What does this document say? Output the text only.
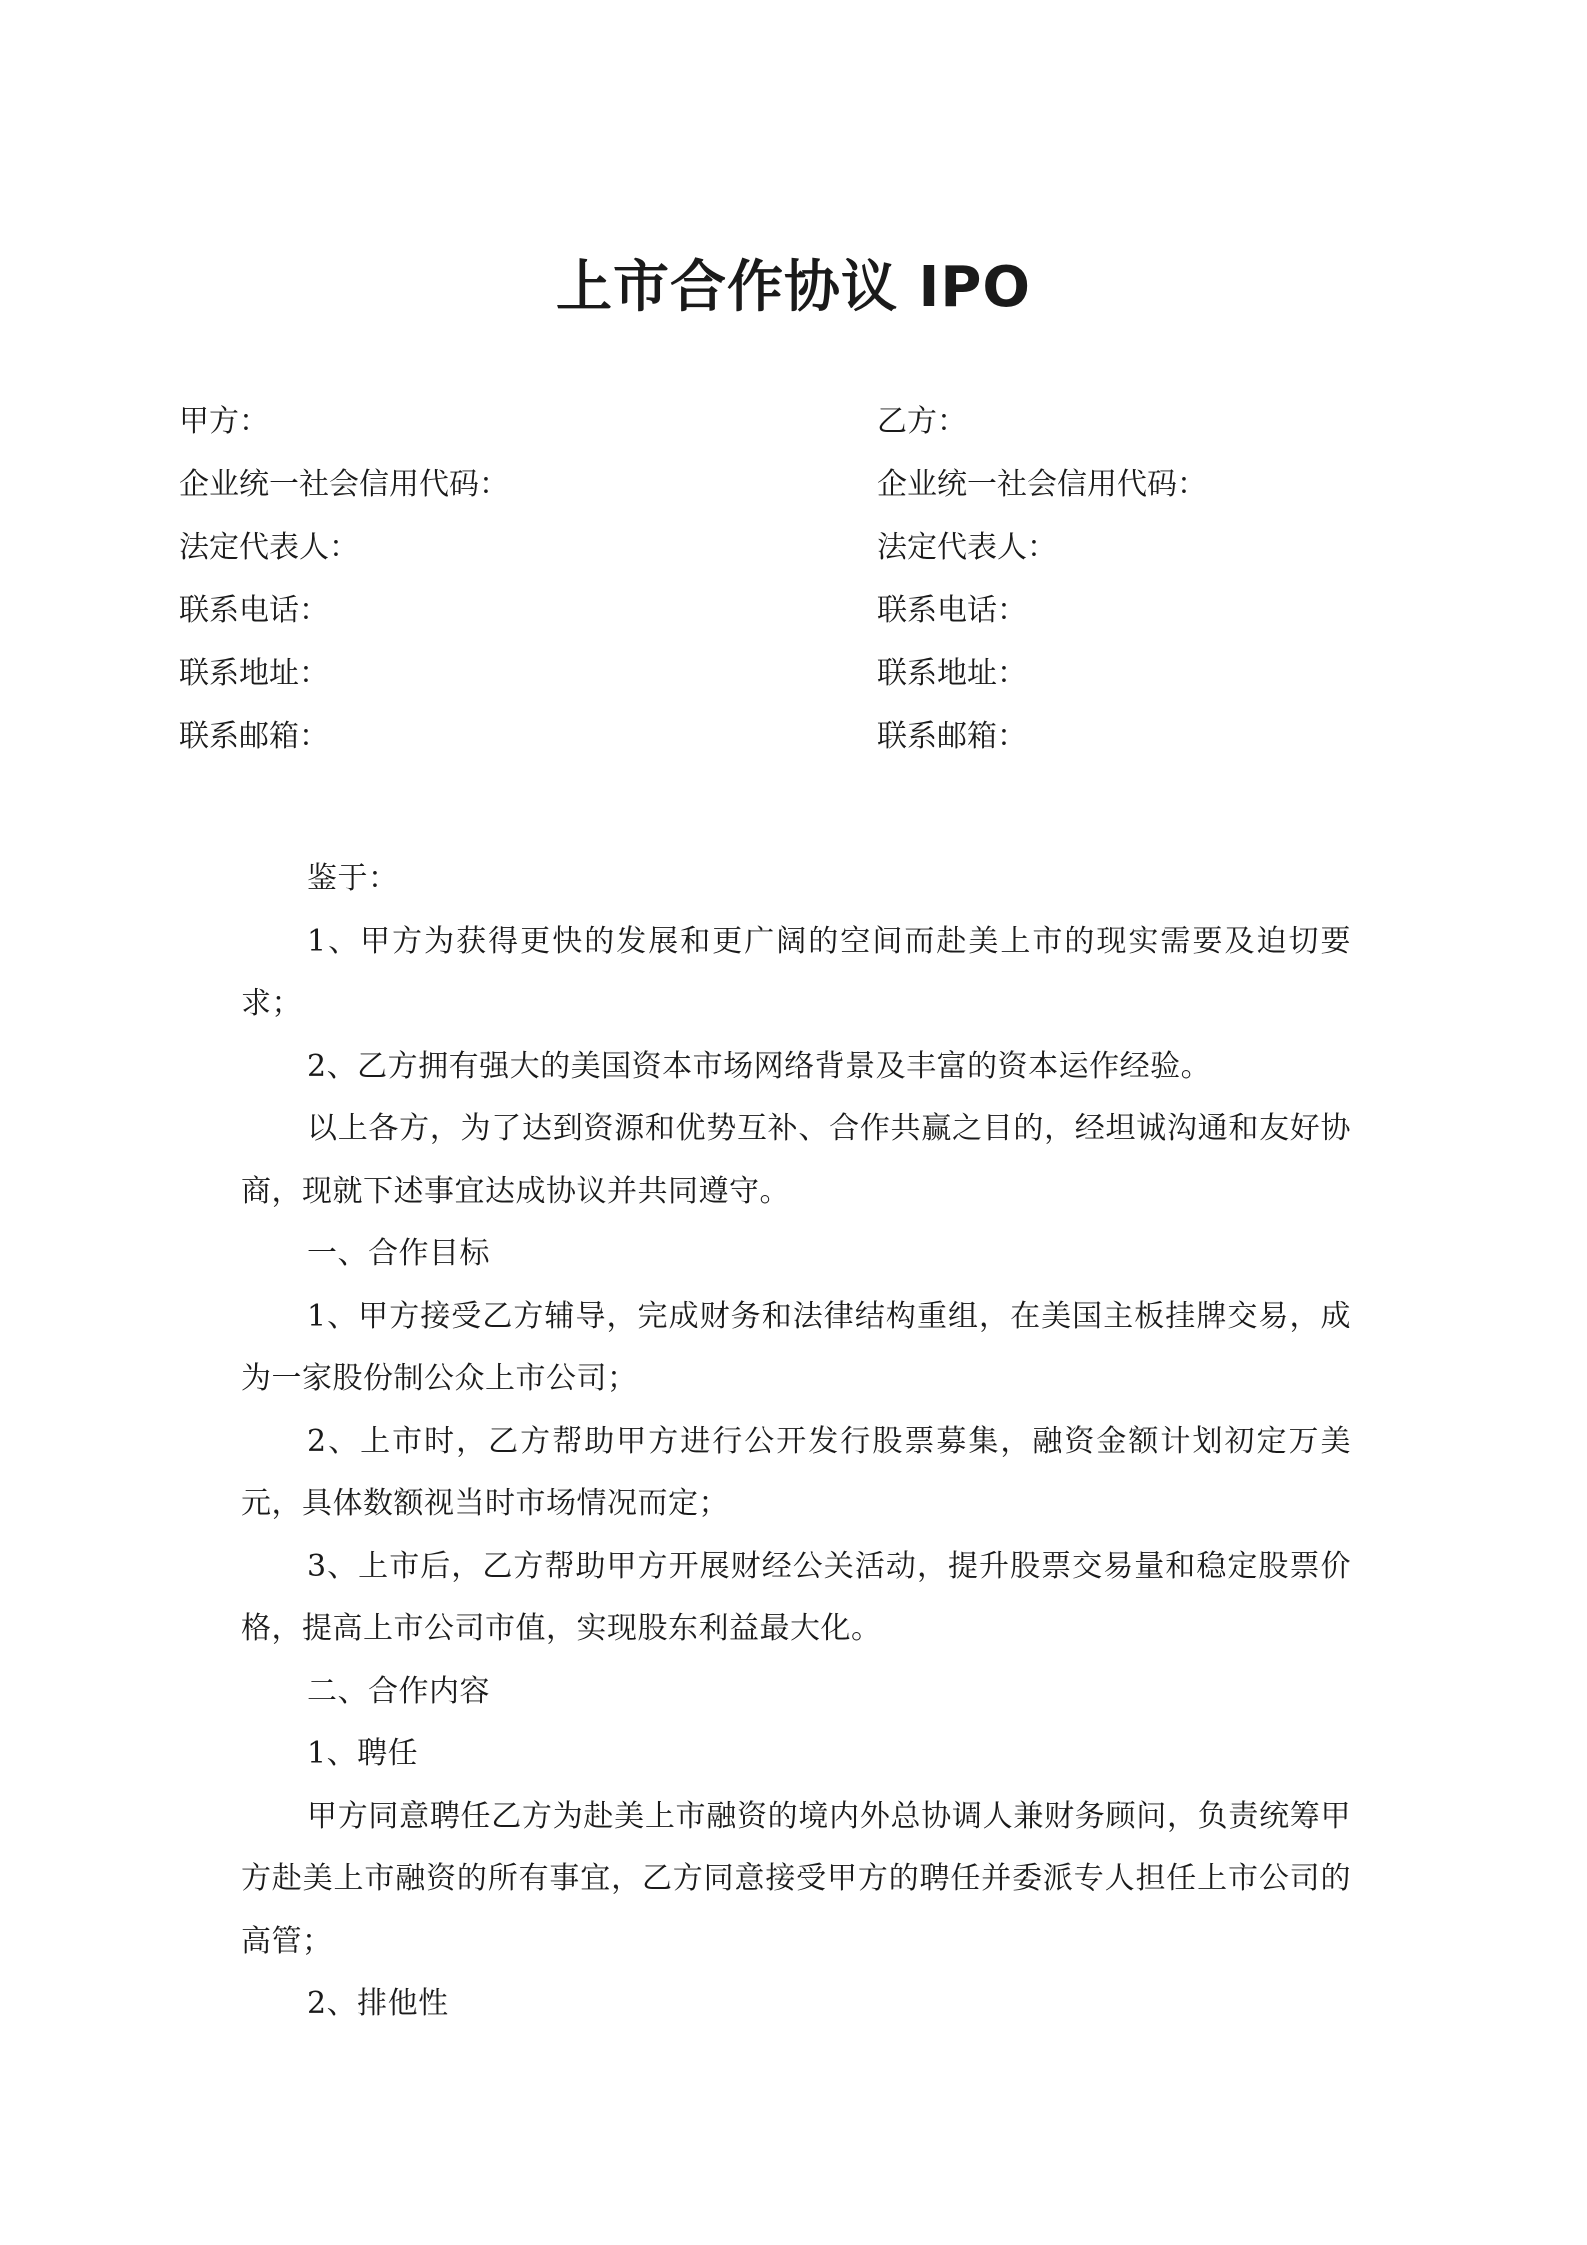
上市合作协议 IPO
甲方：
企业统一社会信用代码：
法定代表人：
联系电话：
联系地址：
联系邮箱：
乙方：
企业统一社会信用代码：
法定代表人：
联系电话：
联系地址：
联系邮箱：

鉴于：

1、甲方为获得更快的发展和更广阔的空间而赴美上市的现实需要及迫切要求；

2、乙方拥有强大的美国资本市场网络背景及丰富的资本运作经验。

以上各方，为了达到资源和优势互补、合作共赢之目的，经坦诚沟通和友好协商，现就下述事宜达成协议并共同遵守。

一、合作目标

1、甲方接受乙方辅导，完成财务和法律结构重组，在美国主板挂牌交易，成为一家股份制公众上市公司；

2、上市时，乙方帮助甲方进行公开发行股票募集，融资金额计划初定万美元，具体数额视当时市场情况而定；

3、上市后，乙方帮助甲方开展财经公关活动，提升股票交易量和稳定股票价格，提高上市公司市值，实现股东利益最大化。

二、合作内容

1、聘任

甲方同意聘任乙方为赴美上市融资的境内外总协调人兼财务顾问，负责统筹甲方赴美上市融资的所有事宜，乙方同意接受甲方的聘任并委派专人担任上市公司的高管；

2、排他性
